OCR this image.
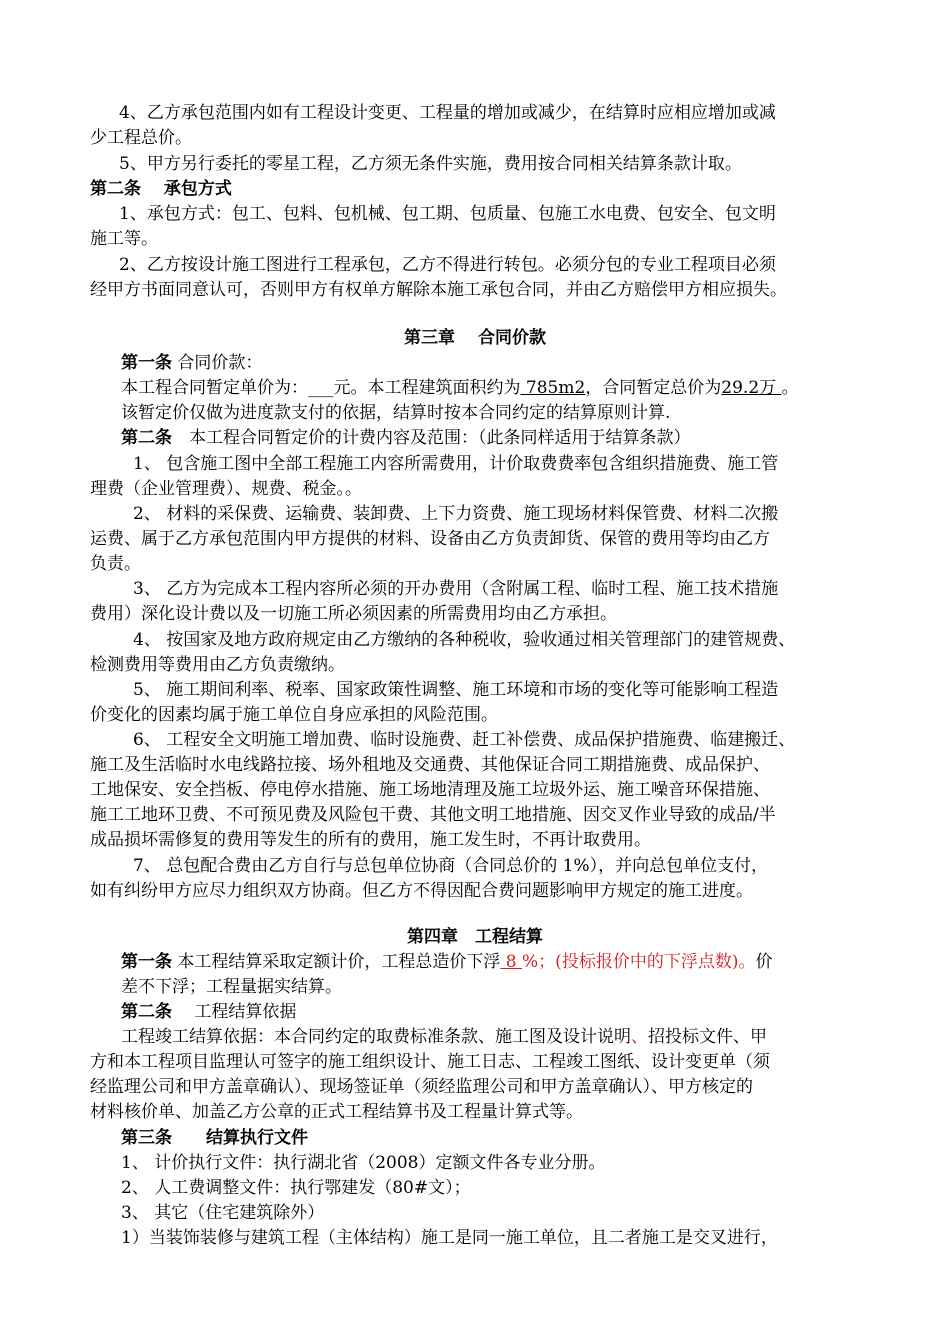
4、乙方承包范围内如有工程设计变更、工程量的增加或减少，在结算时应相应增加或减
少工程总价。
5、甲方另行委托的零星工程，乙方须无条件实施，费用按合同相关结算条款计取。
第二条　 承包方式
1、承包方式：包工、包料、包机械、包工期、包质量、包施工水电费、包安全、包文明
施工等。
2、乙方按设计施工图进行工程承包，乙方不得进行转包。必须分包的专业工程项目必须
经甲方书面同意认可，否则甲方有权单方解除本施工承包合同，并由乙方赔偿甲方相应损失。
第三章　 合同价款
第一条 合同价款：
本工程合同暂定单价为：___元。本工程建筑面积约为 785m2，合同暂定总价为29.2万 。
该暂定价仅做为进度款支付的依据，结算时按本合同约定的结算原则计算.
第二条　本工程合同暂定价的计费内容及范围：（此条同样适用于结算条款）
1、 包含施工图中全部工程施工内容所需费用，计价取费费率包含组织措施费、施工管
理费（企业管理费）、规费、税金。。
2、 材料的采保费、运输费、装卸费、上下力资费、施工现场材料保管费、材料二次搬
运费、属于乙方承包范围内甲方提供的材料、设备由乙方负责卸货、保管的费用等均由乙方
负责。
3、 乙方为完成本工程内容所必须的开办费用（含附属工程、临时工程、施工技术措施
费用）深化设计费以及一切施工所必须因素的所需费用均由乙方承担。
4、 按国家及地方政府规定由乙方缴纳的各种税收，验收通过相关管理部门的建管规费、
检测费用等费用由乙方负责缴纳。
5、 施工期间利率、税率、国家政策性调整、施工环境和市场的变化等可能影响工程造
价变化的因素均属于施工单位自身应承担的风险范围。
6、 工程安全文明施工增加费、临时设施费、赶工补偿费、成品保护措施费、临建搬迁、
施工及生活临时水电线路拉接、场外租地及交通费、其他保证合同工期措施费、成品保护、
工地保安、安全挡板、停电停水措施、施工场地清理及施工垃圾外运、施工噪音环保措施、
施工工地环卫费、不可预见费及风险包干费、其他文明工地措施、因交叉作业导致的成品/半
成品损坏需修复的费用等发生的所有的费用，施工发生时，不再计取费用。
7、 总包配合费由乙方自行与总包单位协商（合同总价的 1%），并向总包单位支付，
如有纠纷甲方应尽力组织双方协商。但乙方不得因配合费问题影响甲方规定的施工进度。
第四章　工程结算
第一条 本工程结算采取定额计价，工程总造价下浮 8 %；(投标报价中的下浮点数)。价
差不下浮；工程量据实结算。
第二条　 工程结算依据
工程竣工结算依据：本合同约定的取费标准条款、施工图及设计说明、招投标文件、甲
方和本工程项目监理认可签字的施工组织设计、施工日志、工程竣工图纸、设计变更单（须
经监理公司和甲方盖章确认）、现场签证单（须经监理公司和甲方盖章确认）、甲方核定的
材料核价单、加盖乙方公章的正式工程结算书及工程量计算式等。
第三条　　结算执行文件
1、 计价执行文件：执行湖北省（2008）定额文件各专业分册。
2、 人工费调整文件：执行鄂建发（80#文）；
3、 其它（住宅建筑除外）
1）当装饰装修与建筑工程（主体结构）施工是同一施工单位，且二者施工是交叉进行，
